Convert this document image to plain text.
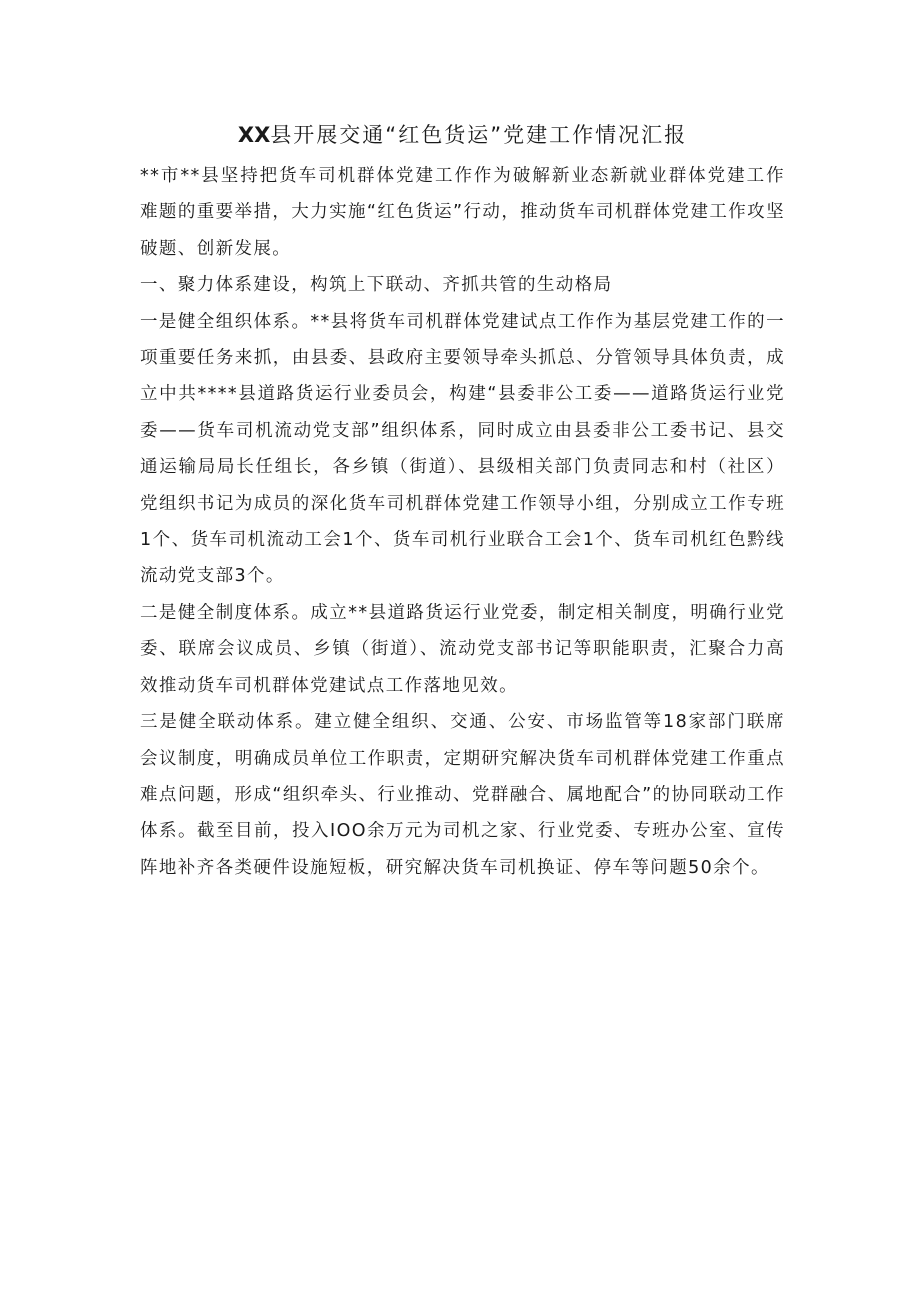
XX县开展交通“红色货运”党建工作情况汇报

**市**县坚持把货车司机群体党建工作作为破解新业态新就业群体党建工作难题的重要举措，大力实施“红色货运”行动，推动货车司机群体党建工作攻坚破题、创新发展。

一、聚力体系建设，构筑上下联动、齐抓共管的生动格局

一是健全组织体系。**县将货车司机群体党建试点工作作为基层党建工作的一项重要任务来抓，由县委、县政府主要领导牵头抓总、分管领导具体负责，成立中共****县道路货运行业委员会，构建“县委非公工委——道路货运行业党委——货车司机流动党支部”组织体系，同时成立由县委非公工委书记、县交通运输局局长任组长，各乡镇（街道）、县级相关部门负责同志和村（社区）党组织书记为成员的深化货车司机群体党建工作领导小组，分别成立工作专班1个、货车司机流动工会1个、货车司机行业联合工会1个、货车司机红色黔线流动党支部3个。

二是健全制度体系。成立**县道路货运行业党委，制定相关制度，明确行业党委、联席会议成员、乡镇（街道）、流动党支部书记等职能职责，汇聚合力高效推动货车司机群体党建试点工作落地见效。

三是健全联动体系。建立健全组织、交通、公安、市场监管等18家部门联席会议制度，明确成员单位工作职责，定期研究解决货车司机群体党建工作重点难点问题，形成“组织牵头、行业推动、党群融合、属地配合”的协同联动工作体系。截至目前，投入IOO余万元为司机之家、行业党委、专班办公室、宣传阵地补齐各类硬件设施短板，研究解决货车司机换证、停车等问题50余个。
